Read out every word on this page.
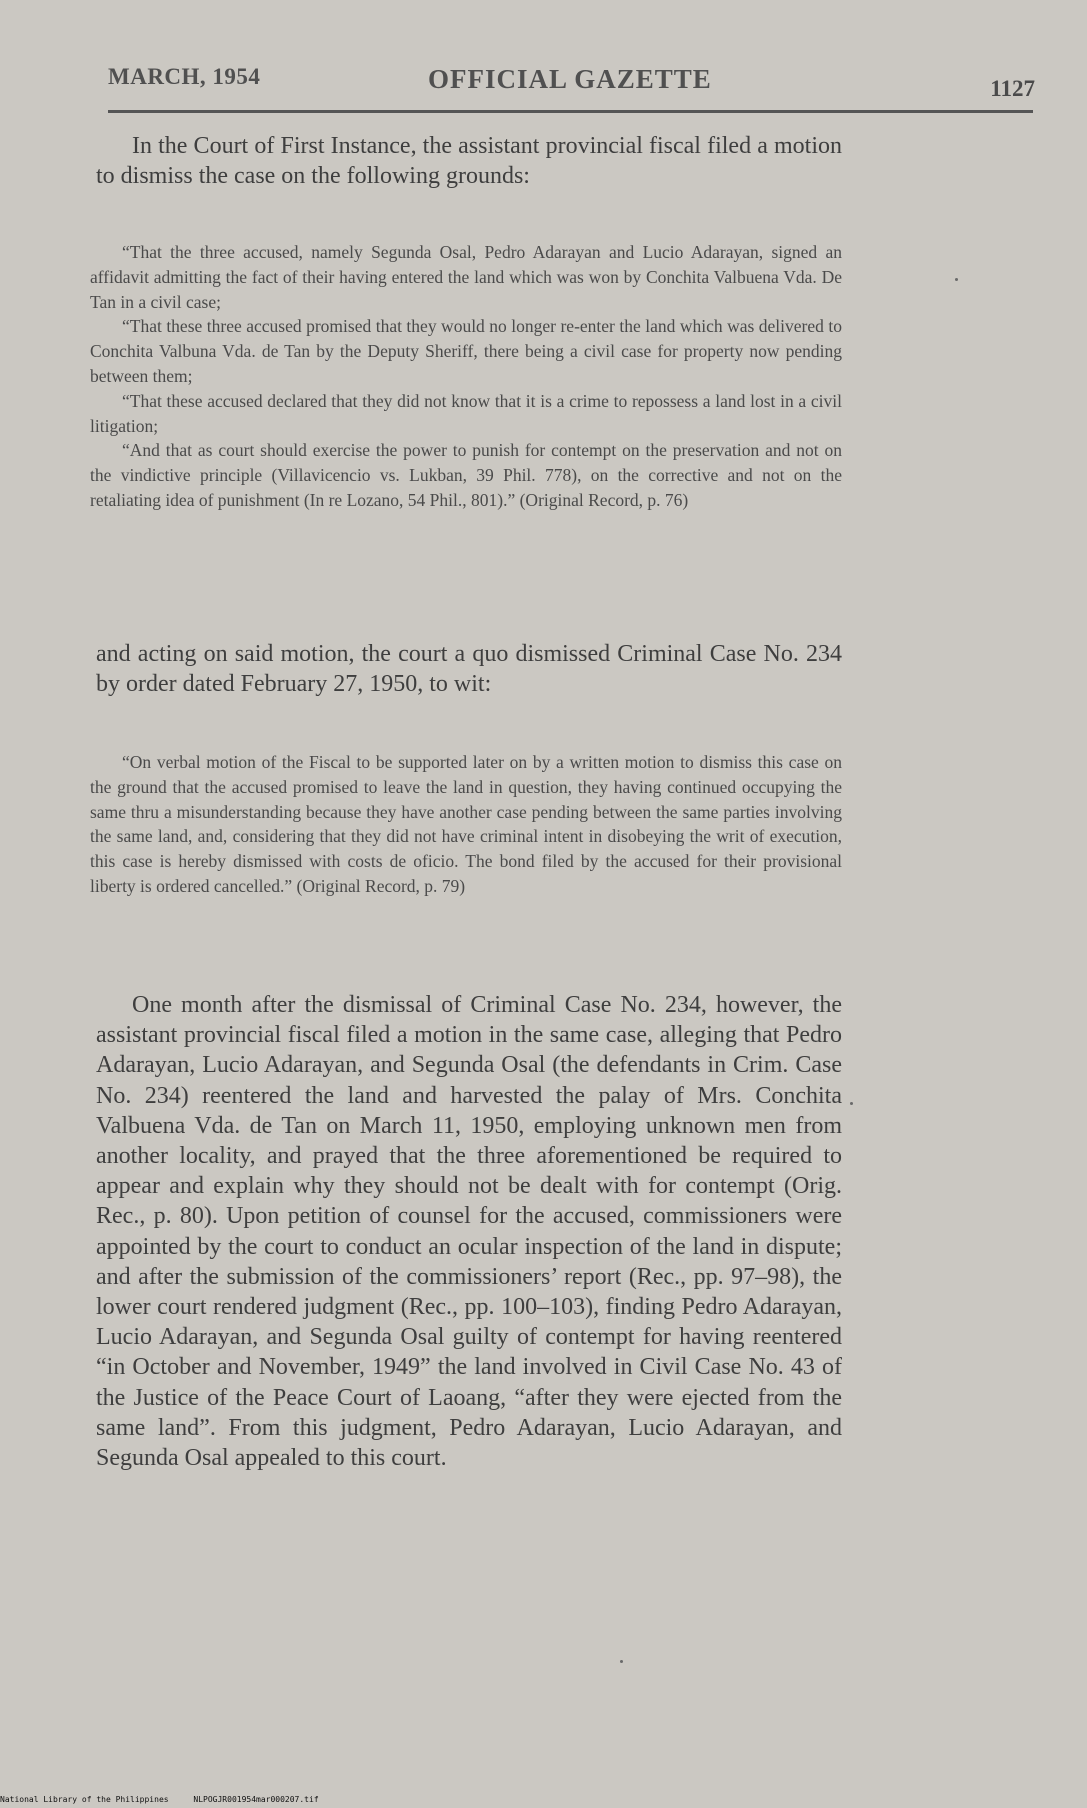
MARCH, 1954	OFFICIAL GAZETTE	1127
In the Court of First Instance, the assistant provincial fiscal filed a motion to dismiss the case on the following grounds:

“That the three accused, namely Segunda Osal, Pedro Adarayan and Lucio Adarayan, signed an affidavit admitting the fact of their having entered the land which was won by Conchita Valbuena Vda. De Tan in a civil case;

“That these three accused promised that they would no longer re-enter the land which was delivered to Conchita Valbuna Vda. de Tan by the Deputy Sheriff, there being a civil case for property now pending between them;

“That these accused declared that they did not know that it is a crime to repossess a land lost in a civil litigation;

“And that as court should exercise the power to punish for contempt on the preservation and not on the vindictive principle (Villavicencio vs. Lukban, 39 Phil. 778), on the corrective and not on the retaliating idea of punishment (In re Lozano, 54 Phil., 801).” (Original Record, p. 76)

and acting on said motion, the court a quo dismissed Criminal Case No. 234 by order dated February 27, 1950, to wit:

“On verbal motion of the Fiscal to be supported later on by a written motion to dismiss this case on the ground that the accused promised to leave the land in question, they having continued occupying the same thru a misunderstanding because they have another case pending between the same parties involving the same land, and, considering that they did not have criminal intent in disobeying the writ of execution, this case is hereby dismissed with costs de oficio. The bond filed by the accused for their provisional liberty is ordered cancelled.” (Original Record, p. 79)

One month after the dismissal of Criminal Case No. 234, however, the assistant provincial fiscal filed a motion in the same case, alleging that Pedro Adarayan, Lucio Adarayan, and Segunda Osal (the defendants in Crim. Case No. 234) reentered the land and harvested the palay of Mrs. Conchita Valbuena Vda. de Tan on March 11, 1950, employing unknown men from another locality, and prayed that the three aforementioned be required to appear and explain why they should not be dealt with for contempt (Orig. Rec., p. 80). Upon petition of counsel for the accused, commissioners were appointed by the court to conduct an ocular inspection of the land in dispute; and after the submission of the commissioners’ report (Rec., pp. 97–98), the lower court rendered judgment (Rec., pp. 100–103), finding Pedro Adarayan, Lucio Adarayan, and Segunda Osal guilty of contempt for having reentered “in October and November, 1949” the land involved in Civil Case No. 43 of the Justice of the Peace Court of Laoang, “after they were ejected from the same land”. From this judgment, Pedro Adarayan, Lucio Adarayan, and Segunda Osal appealed to this court.
National Library of the Philippines	NLPOGJR001954mar000207.tif
